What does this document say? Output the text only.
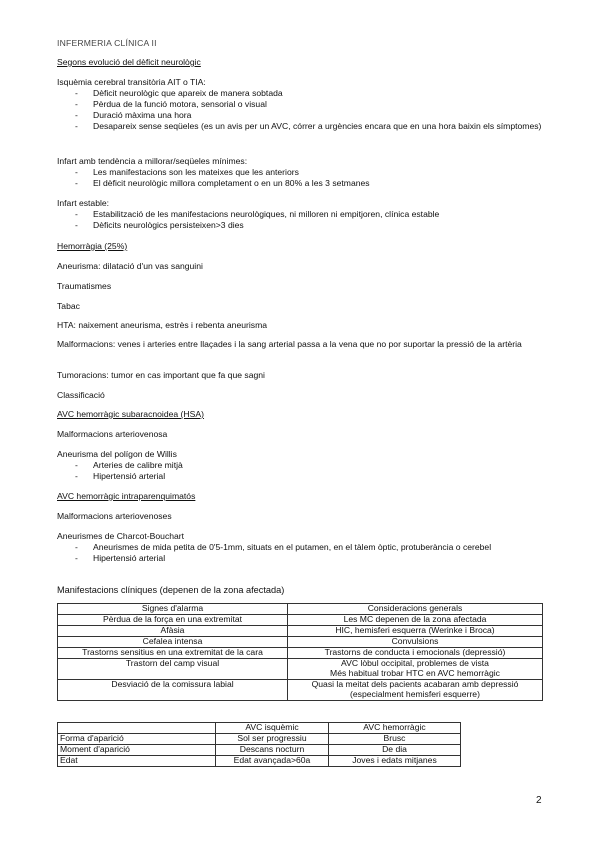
INFERMERIA CLÍNICA II
Segons evolució del dèficit neurològic
Isquèmia cerebral transitòria AIT o TIA:
- Dèficit neurològic que apareix de manera sobtada
- Pèrdua de la funció motora, sensorial o visual
- Duració màxima una hora
- Desapareix sense seqüeles (es un avis per un AVC, córrer a urgències encara que en una hora baixin els símptomes)
Infart amb tendència a millorar/seqüeles mínimes:
- Les manifestacions son les mateixes que les anteriors
- El dèficit neurològic millora completament o en un 80% a les 3 setmanes
Infart estable:
- Estabilització de les manifestacions neurològiques, ni milloren ni empitjoren, clínica estable
- Dèficits neurològics persisteixen>3 dies
Hemorràgia (25%)
Aneurisma: dilatació d'un vas sanguini
Traumatismes
Tabac
HTA: naixement aneurisma, estrès i rebenta aneurisma
Malformacions: venes i arteries entre llaçades i la sang arterial passa a la vena que no por suportar la pressió de la artèria
Tumoracions: tumor en cas important que fa que sagni
Classificació
AVC hemorràgic subaracnoidea (HSA)
Malformacions arteriovenosa
Aneurisma del polígon de Willis
- Arteries de calibre mitjà
- Hipertensió arterial
AVC hemorràgic intraparenquimatós
Malformacions arteriovenoses
Aneurismes de Charcot-Bouchart
- Aneurismes de mida petita de 0'5-1mm, situats en el putamen, en el tàlem òptic, protuberància o cerebel
- Hipertensió arterial
Manifestacions clíniques (depenen de la zona afectada)
Signes d'alarma	Consideracions generals
Pèrdua de la força en una extremitat	Les MC depenen de la zona afectada
Afàsia	HIC, hemisferi esquerra (Werinke i Broca)
Cefalea intensa	Convulsions
Trastorns sensitius en una extremitat de la cara	Trastorns de conducta i emocionals (depressió)
Trastorn del camp visual	AVC lòbul occipital, problemes de vista
Més habitual trobar HTC en AVC hemorràgic

Desviació de la comissura labial	Quasi la meitat dels pacients acabaran amb depressió (especialment hemisferi esquerre)
	AVC isquèmic	AVC hemorràgic
Forma d'aparició	Sol ser progressiu	Brusc
Moment d'aparició	Descans nocturn	De dia
Edat	Edat avançada>60a	Joves i edats mitjanes
2
